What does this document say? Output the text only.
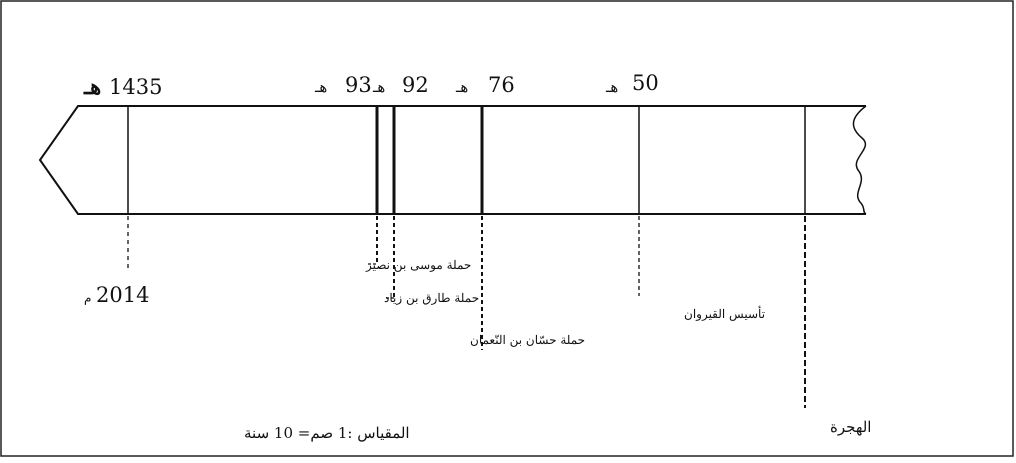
هـ 1435	هـ 93 هـ 92 هـ 76	هـ 50
م 2014
حملة موسى بن نصير
حملة طارق بن زياد
حملة حسّان بن النّعمان
تأسيس القيروان
الهجرة
المقياس :1 صم= 10 سنة
